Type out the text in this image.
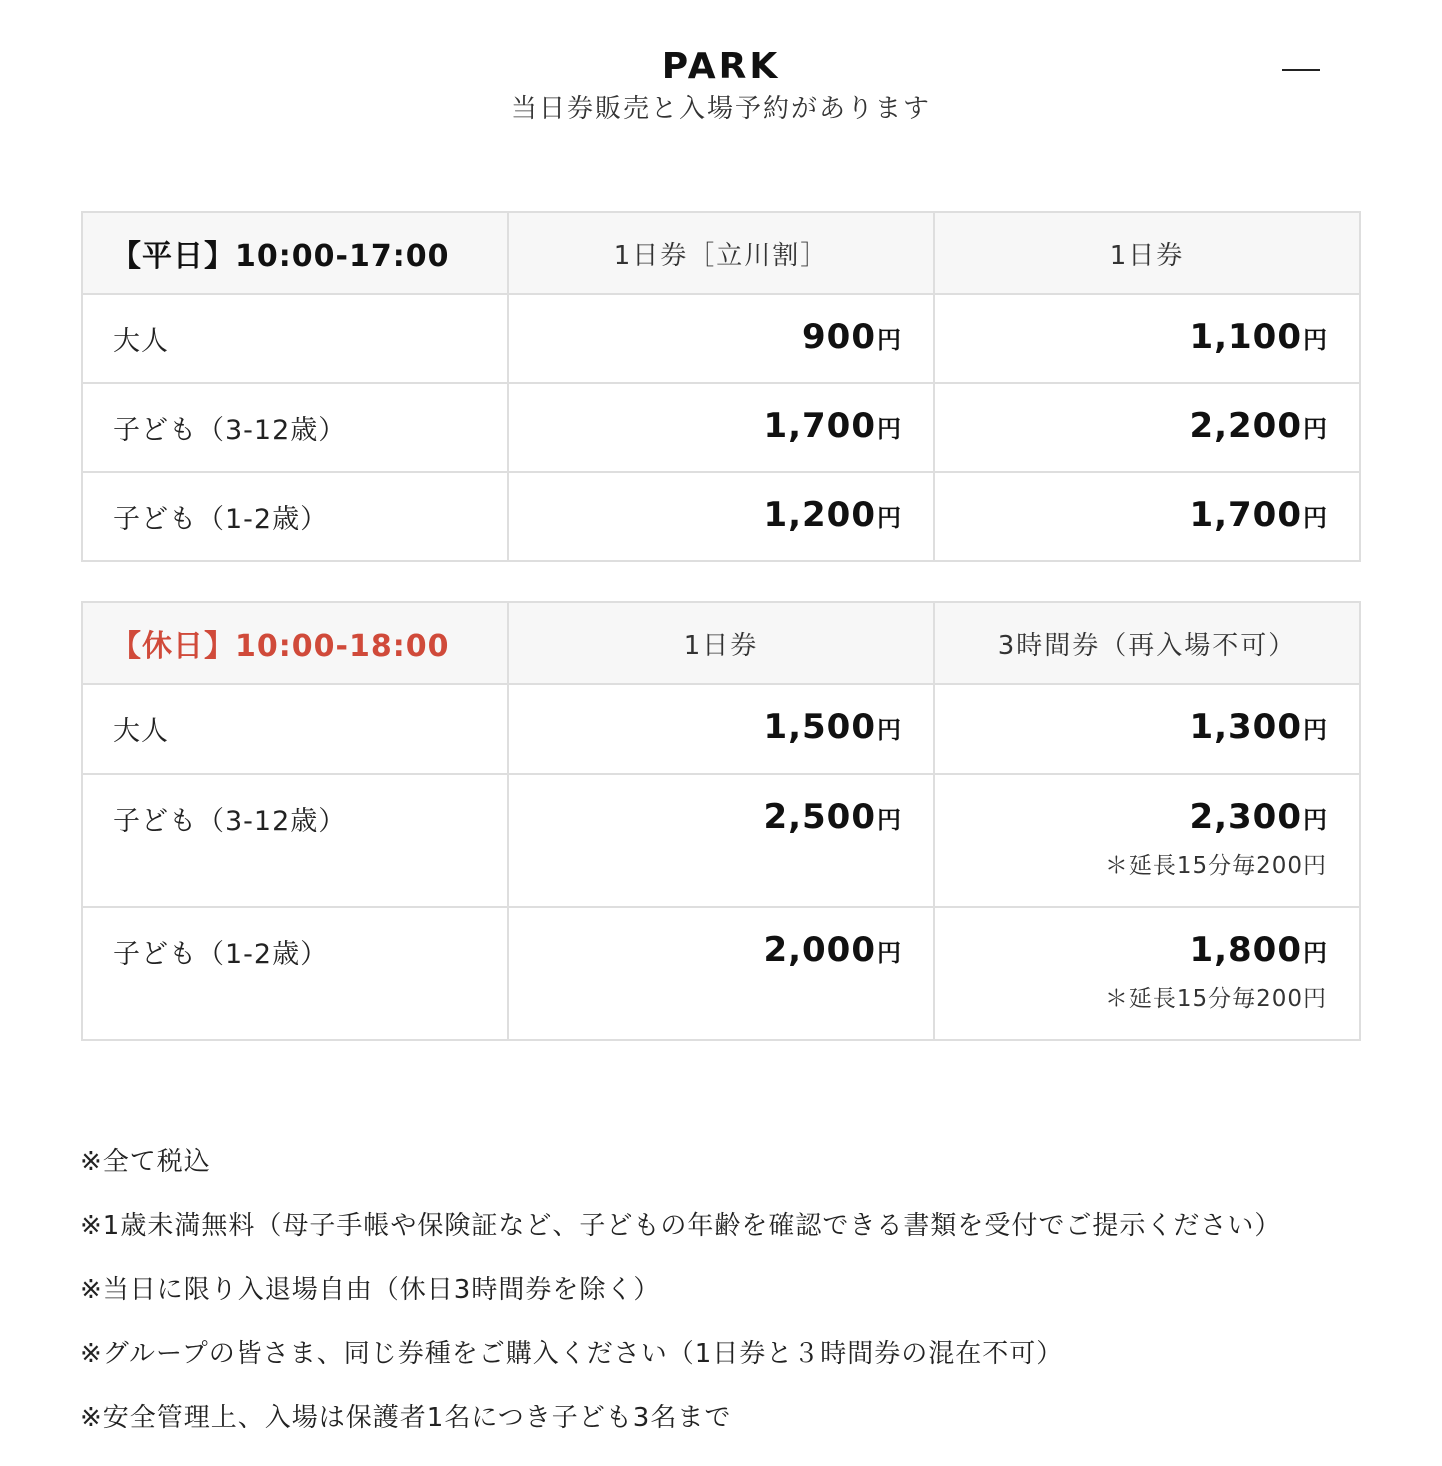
PARK
当日券販売と入場予約があります
【平日】10:00-17:00	1日券［立川割］	1日券
大人	900円	1,100円
子ども（3-12歳）	1,700円	2,200円
子ども（1-2歳）	1,200円	1,700円
【休日】10:00-18:00	1日券	3時間券（再入場不可）
大人	1,500円	1,300円
子ども（3-12歳）	2,500円	2,300円
＊延長15分毎200円

子ども（1-2歳）	2,000円	1,800円
＊延長15分毎200円

※全て税込

※1歳未満無料（母子手帳や保険証など、子どもの年齢を確認できる書類を受付でご提示ください）

※当日に限り入退場自由（休日3時間券を除く）

※グループの皆さま、同じ券種をご購入ください（1日券と３時間券の混在不可）

※安全管理上、入場は保護者1名につき子ども3名まで
